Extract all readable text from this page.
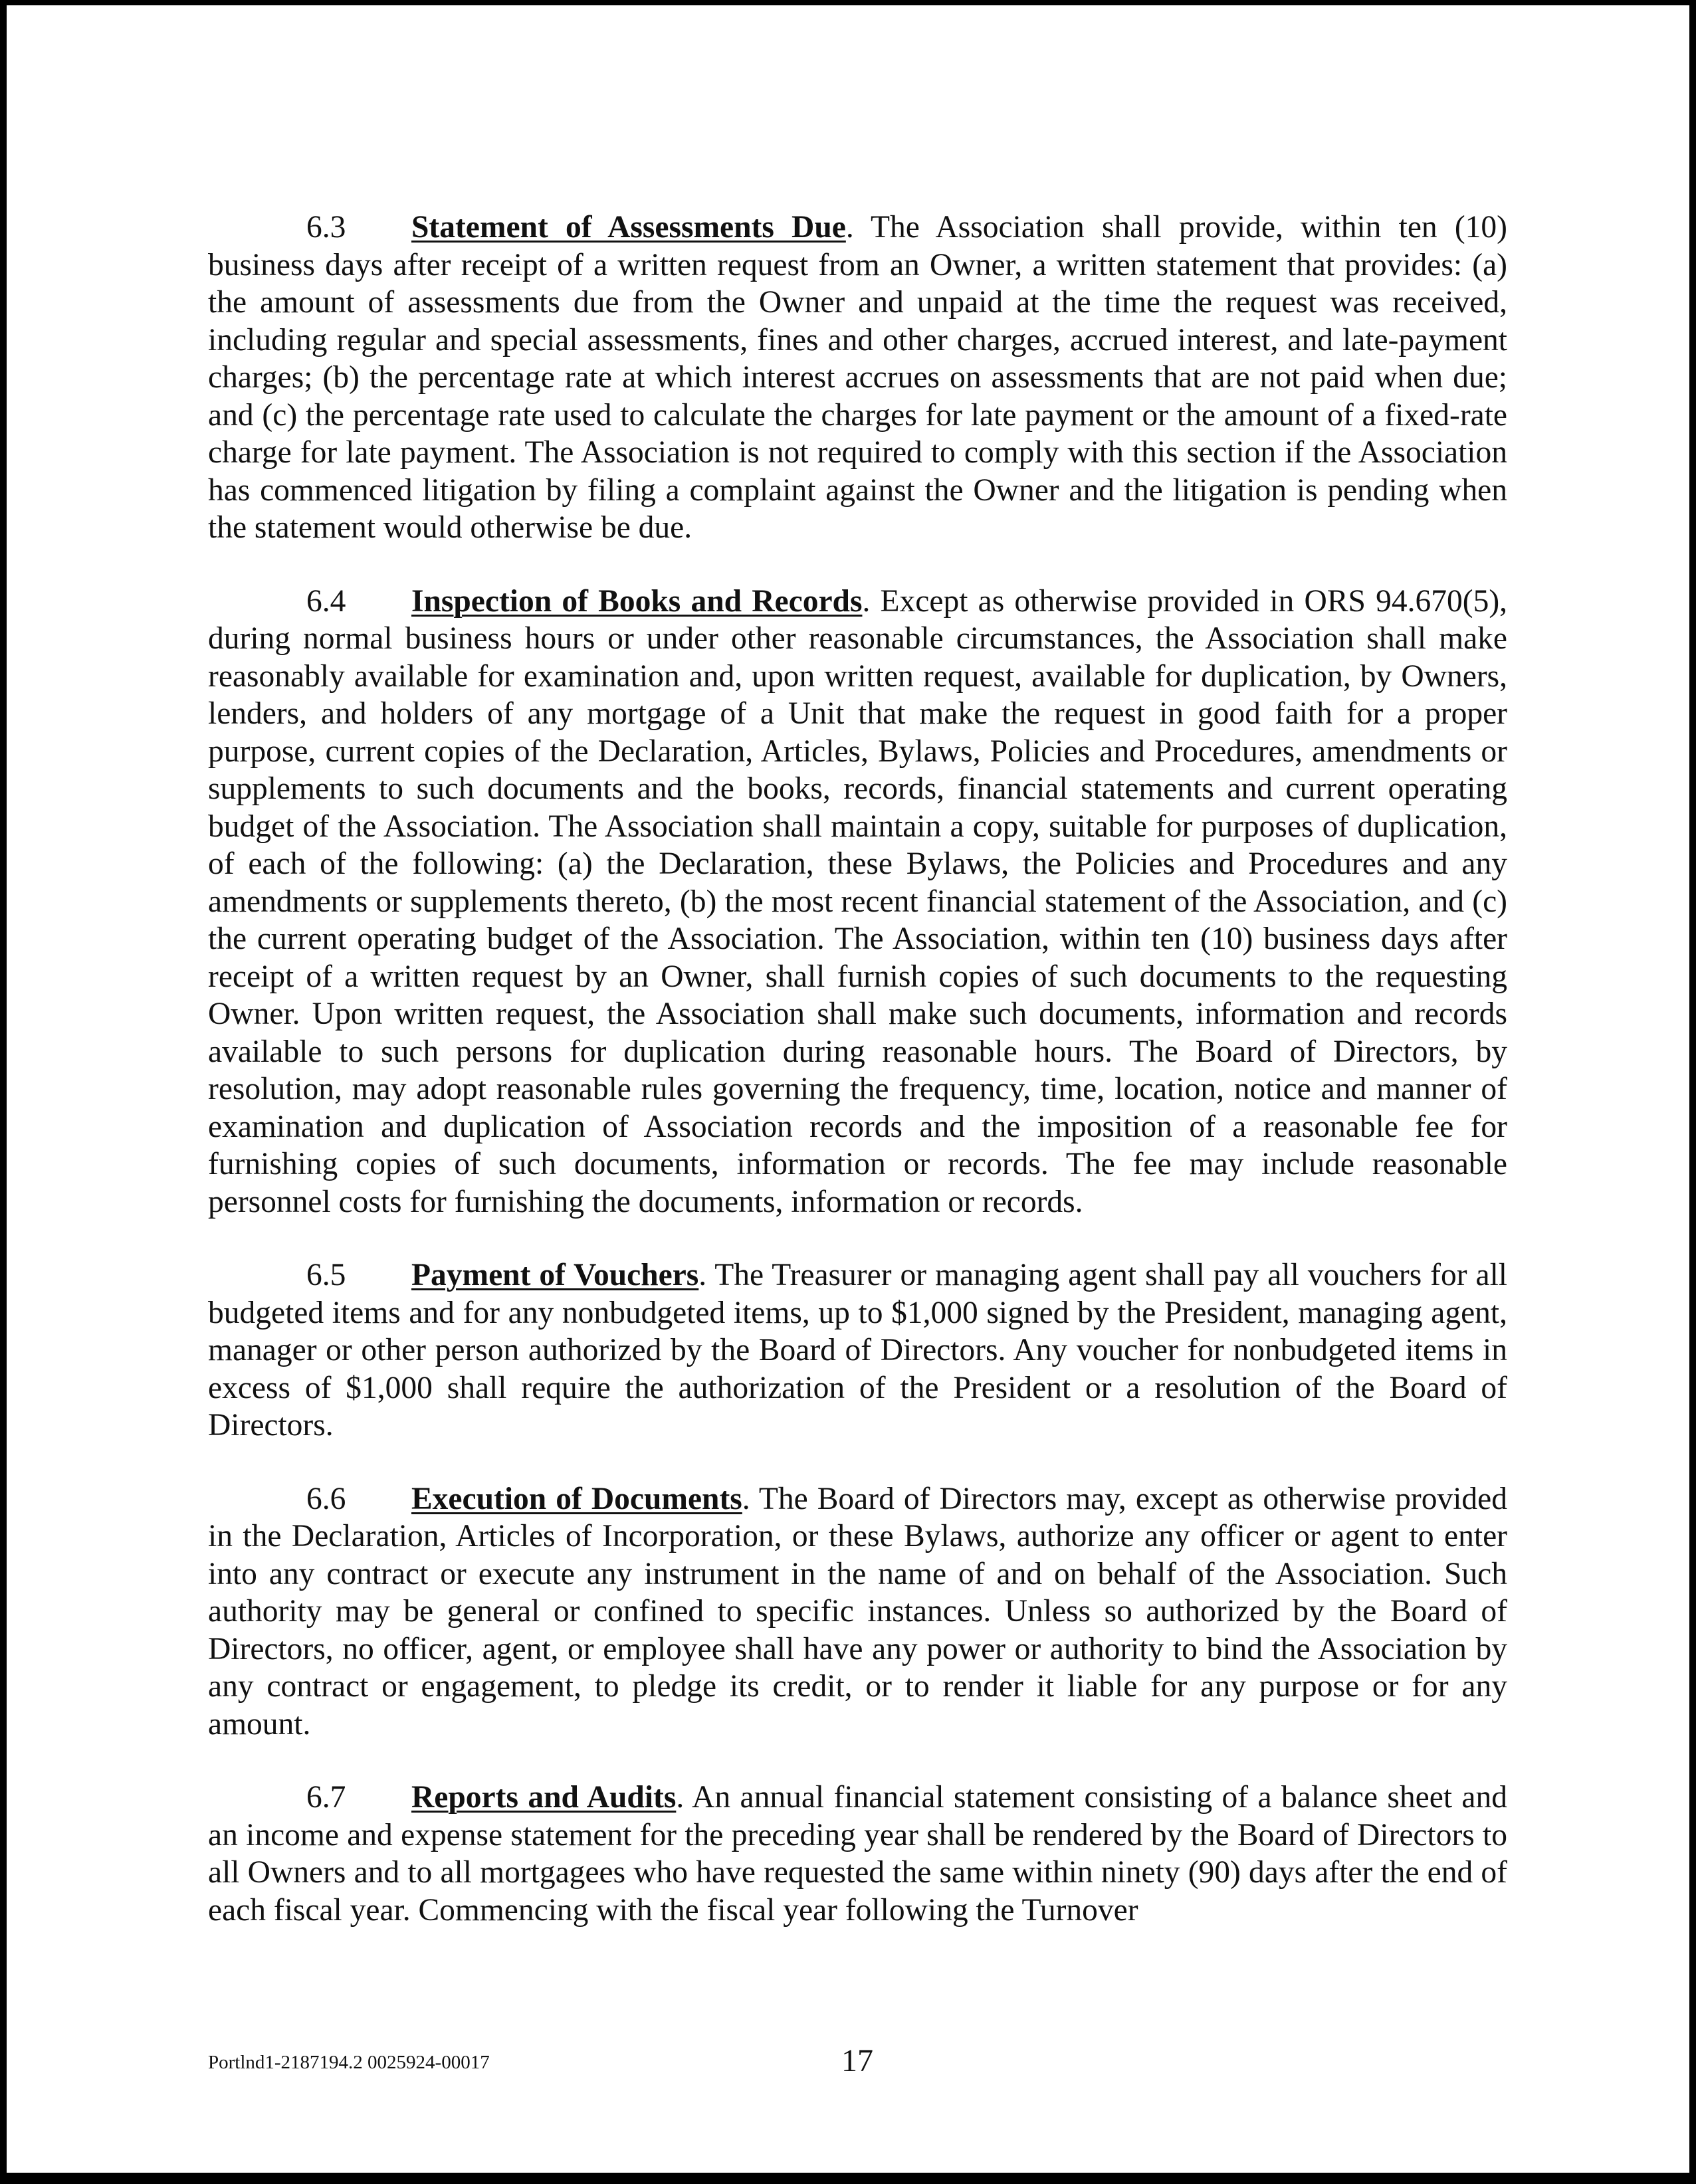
6.3 Statement of Assessments Due. The Association shall provide, within ten (10) business days after receipt of a written request from an Owner, a written statement that provides: (a) the amount of assessments due from the Owner and unpaid at the time the request was received, including regular and special assessments, fines and other charges, accrued interest, and late-payment charges; (b) the percentage rate at which interest accrues on assessments that are not paid when due; and (c) the percentage rate used to calculate the charges for late payment or the amount of a fixed-rate charge for late payment. The Association is not required to comply with this section if the Association has commenced litigation by filing a complaint against the Owner and the litigation is pending when the statement would otherwise be due.

6.4 Inspection of Books and Records. Except as otherwise provided in ORS 94.670(5), during normal business hours or under other reasonable circumstances, the Association shall make reasonably available for examination and, upon written request, available for duplication, by Owners, lenders, and holders of any mortgage of a Unit that make the request in good faith for a proper purpose, current copies of the Declaration, Articles, Bylaws, Policies and Procedures, amendments or supplements to such documents and the books, records, financial statements and current operating budget of the Association. The Association shall maintain a copy, suitable for purposes of duplication, of each of the following: (a) the Declaration, these Bylaws, the Policies and Procedures and any amendments or supplements thereto, (b) the most recent financial statement of the Association, and (c) the current operating budget of the Association. The Association, within ten (10) business days after receipt of a written request by an Owner, shall furnish copies of such documents to the requesting Owner. Upon written request, the Association shall make such documents, information and records available to such persons for duplication during reasonable hours. The Board of Directors, by resolution, may adopt reasonable rules governing the frequency, time, location, notice and manner of examination and duplication of Association records and the imposition of a reasonable fee for furnishing copies of such documents, information or records. The fee may include reasonable personnel costs for furnishing the documents, information or records.

6.5 Payment of Vouchers. The Treasurer or managing agent shall pay all vouchers for all budgeted items and for any nonbudgeted items, up to $1,000 signed by the President, managing agent, manager or other person authorized by the Board of Directors. Any voucher for nonbudgeted items in excess of $1,000 shall require the authorization of the President or a resolution of the Board of Directors.

6.6 Execution of Documents. The Board of Directors may, except as otherwise provided in the Declaration, Articles of Incorporation, or these Bylaws, authorize any officer or agent to enter into any contract or execute any instrument in the name of and on behalf of the Association. Such authority may be general or confined to specific instances. Unless so authorized by the Board of Directors, no officer, agent, or employee shall have any power or authority to bind the Association by any contract or engagement, to pledge its credit, or to render it liable for any purpose or for any amount.

6.7 Reports and Audits. An annual financial statement consisting of a balance sheet and an income and expense statement for the preceding year shall be rendered by the Board of Directors to all Owners and to all mortgagees who have requested the same within ninety (90) days after the end of each fiscal year. Commencing with the fiscal year following the Turnover

Portlnd1-2187194.2 0025924-00017	17
